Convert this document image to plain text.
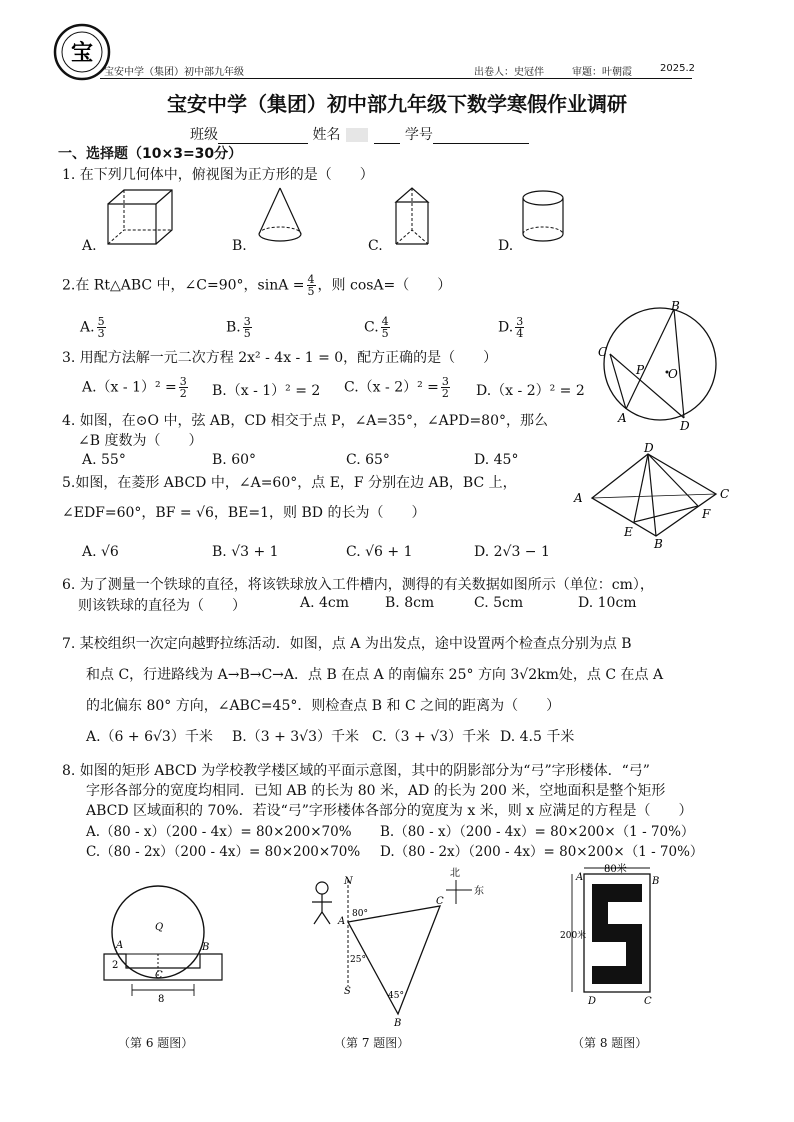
宝
宝安中学（集团）初中部九年级	出卷人：史冠伴	审题：叶朝霞	2025.2
宝安中学（集团）初中部九年级下数学寒假作业调研
班级	姓名	学号
一、选择题（10×3=30分）
1. 在下列几何体中，俯视图为正方形的是（　　）
A.	B.	C.	D.
2.在 Rt△ABC 中，∠C=90°，$\sin A = \frac{4}{5}$ ，则 cosA=（　　）
A. $\frac{5}{3}$	B. $\frac{3}{5}$	C. $\frac{4}{5}$	D. $\frac{3}{4}$
B
C
P O
A
D
3. 用配方法解一元二次方程 2x² - 4x - 1 = 0，配方正确的是（　　）
$A.(x - 1)^2 = \frac{3}{2} B.(x - 1)^2 = 2$ $C.(x - 2)^2 = \frac{3}{2} D.(x - 2)^2 = 2$
4. 如图，在⊙O 中，弦 AB，CD 相交于点 P，∠A=35°，∠APD=80°，那么
∠B 度数为（　　）
A. 55°	B. 60°	C. 65°	D. 45°
D
A	C
F
E
B
5.如图，在菱形 ABCD 中，∠A=60°，点 E，F 分别在边 AB，BC 上，
∠EDF=60°，BF = √6，BE=1，则 BD 的长为（　　）
A. √6	B. √3 + 1	C. √6 + 1	D. 2√3 − 1
6. 为了测量一个铁球的直径，将该铁球放入工件槽内，测得的有关数据如图所示（单位：cm），
则该铁球的直径为（　　）	A. 4cm	B. 8cm	C. 5cm	D. 10cm
7. 某校组织一次定向越野拉练活动．如图，点 A 为出发点，途中设置两个检查点分别为点 B
和点 C，行进路线为 A→B→C→A．点 B 在点 A 的南偏东 25° 方向 3√2km处，点 C 在点 A
的北偏东 80° 方向，∠ABC=45°．则检查点 B 和 C 之间的距离为（　　）
A.（6 + 6√3）千米 B.（3 + 3√3）千米 C.（3 + √3）千米 D. 4.5 千米
8. 如图的矩形 ABCD 为学校教学楼区域的平面示意图，其中的阴影部分为“弓”字形楼体．“弓”
字形各部分的宽度均相同．已知 AB 的长为 80 米，AD 的长为 200 米，空地面积是整个矩形
ABCD 区域面积的 70%．若设“弓”字形楼体各部分的宽度为 x 米，则 x 应满足的方程是（　　）
A.（80 - x）（200 - 4x）= 80×200×70% B.（80 - x）（200 - 4x）= 80×200×（1 - 70%）
C.（80 - 2x）（200 - 4x）= 80×200×70% D.（80 - 2x）（200 - 4x）= 80×200×（1 - 70%）
Q
A	B
C
2
8
（第 6 题图）
N
北
东
A
80°
C
25°
45°
S
B
（第 7 题图）
80米
A	B
200米
D	C
（第 8 题图）
